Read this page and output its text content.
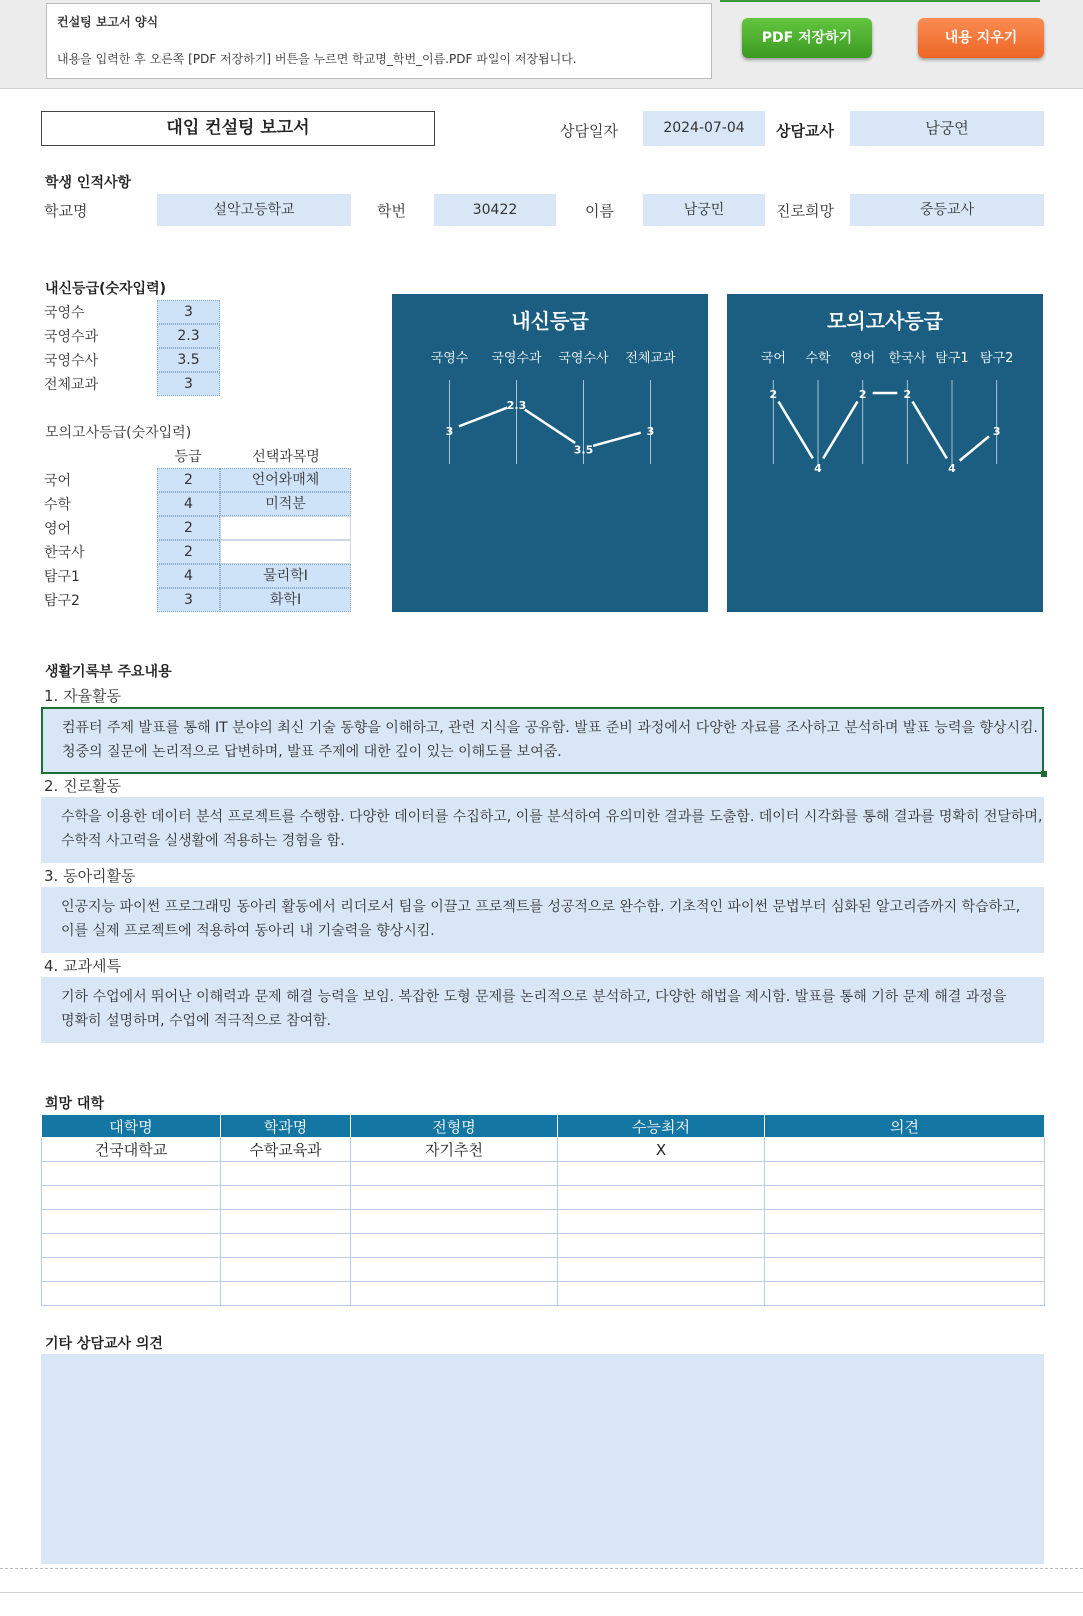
컨설팅 보고서 양식
내용을 입력한 후 오른쪽 [PDF 저장하기] 버튼을 누르면 학교명_학번_이름.PDF 파일이 저장됩니다.
PDF 저장하기	내용 지우기
대입 컨설팅 보고서	상담일자	2024-07-04	상담교사	남궁연
학생 인적사항
학교명	설악고등학교	학번	30422	이름	남궁민	진로희망	중등교사
내신등급(숫자입력)
국영수	3
국영수과	2.3
국영수사	3.5
전체교과	3
모의고사등급(숫자입력)
등급	선택과목명
국어	2	언어와매체
수학	4	미적분
영어	2
한국사	2
탐구1	4	물리학Ⅰ
탐구2	3	화학Ⅰ
내신등급
국영수 국영수과 국영수사 전체교과
3
2.3
3.5
3
모의고사등급
국어 수학 영어 한국사 탐구1 탐구2
2
4
2	2
4
3
생활기록부 주요내용
1. 자율활동
컴퓨터 주제 발표를 통해 IT 분야의 최신 기술 동향을 이해하고, 관련 지식을 공유함. 발표 준비 과정에서 다양한 자료를 조사하고 분석하며 발표 능력을 향상시킴. 청중의 질문에 논리적으로 답변하며, 발표 주제에 대한 깊이 있는 이해도를 보여줌.
2. 진로활동
수학을 이용한 데이터 분석 프로젝트를 수행함. 다양한 데이터를 수집하고, 이를 분석하여 유의미한 결과를 도출함. 데이터 시각화를 통해 결과를 명확히 전달하며, 수학적 사고력을 실생활에 적용하는 경험을 함.
3. 동아리활동
인공지능 파이썬 프로그래밍 동아리 활동에서 리더로서 팀을 이끌고 프로젝트를 성공적으로 완수함. 기초적인 파이썬 문법부터 심화된 알고리즘까지 학습하고, 이를 실제 프로젝트에 적용하여 동아리 내 기술력을 향상시킴.
4. 교과세특
기하 수업에서 뛰어난 이해력과 문제 해결 능력을 보임. 복잡한 도형 문제를 논리적으로 분석하고, 다양한 해법을 제시함. 발표를 통해 기하 문제 해결 과정을 명확히 설명하며, 수업에 적극적으로 참여함.
희망 대학
대학명	학과명	전형명	수능최저	의견
건국대학교	수학교육과	자기추천	X	

기타 상담교사 의견
